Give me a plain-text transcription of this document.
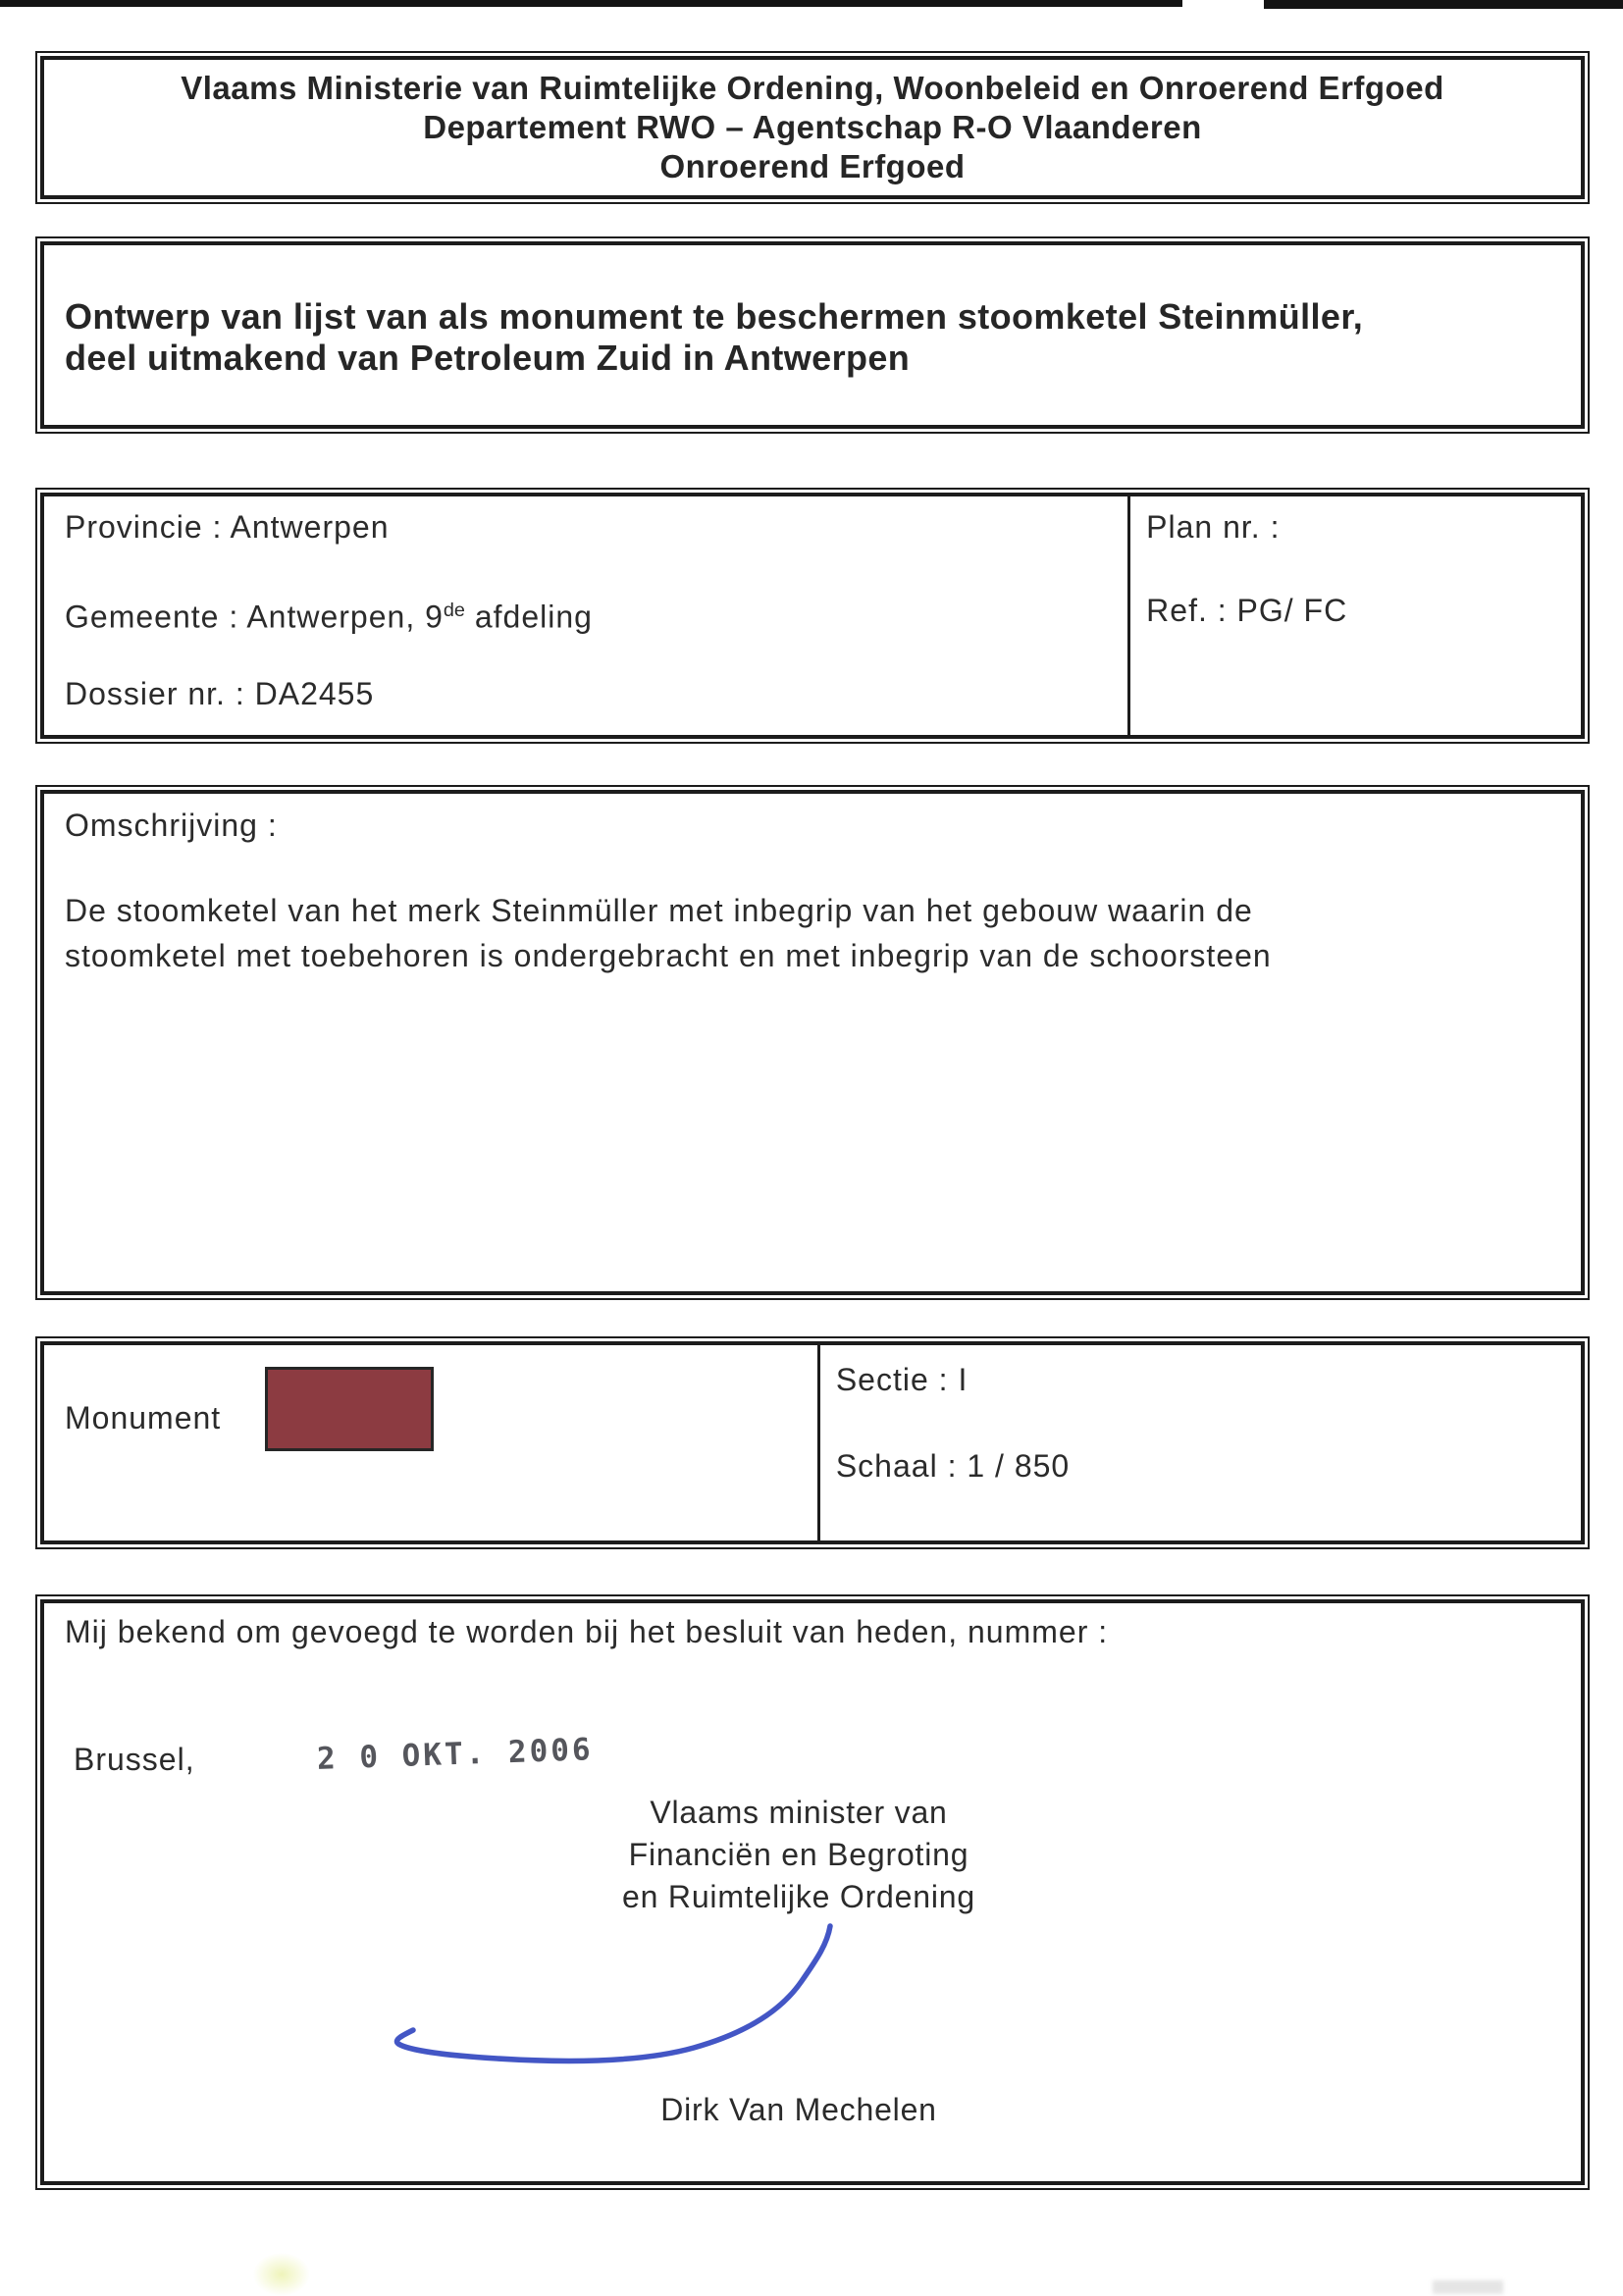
Vlaams Ministerie van Ruimtelijke Ordening, Woonbeleid en Onroerend Erfgoed
Departement RWO – Agentschap R-O Vlaanderen
Onroerend Erfgoed
Ontwerp van lijst van als monument te beschermen stoomketel Steinmüller,
deel uitmakend van Petroleum Zuid in Antwerpen
Provincie : Antwerpen
Gemeente : Antwerpen, 9de afdeling
Dossier nr. : DA2455
Plan nr. :
Ref. : PG/ FC
Omschrijving :
De stoomketel van het merk Steinmüller met inbegrip van het gebouw waarin de
stoomketel met toebehoren is ondergebracht en met inbegrip van de schoorsteen
Monument
Sectie : I
Schaal : 1 / 850
Mij bekend om gevoegd te worden bij het besluit van heden, nummer :
Brussel,	2 0 OKT. 2006
Vlaams minister van
Financiën en Begroting
en Ruimtelijke Ordening
Dirk Van Mechelen
